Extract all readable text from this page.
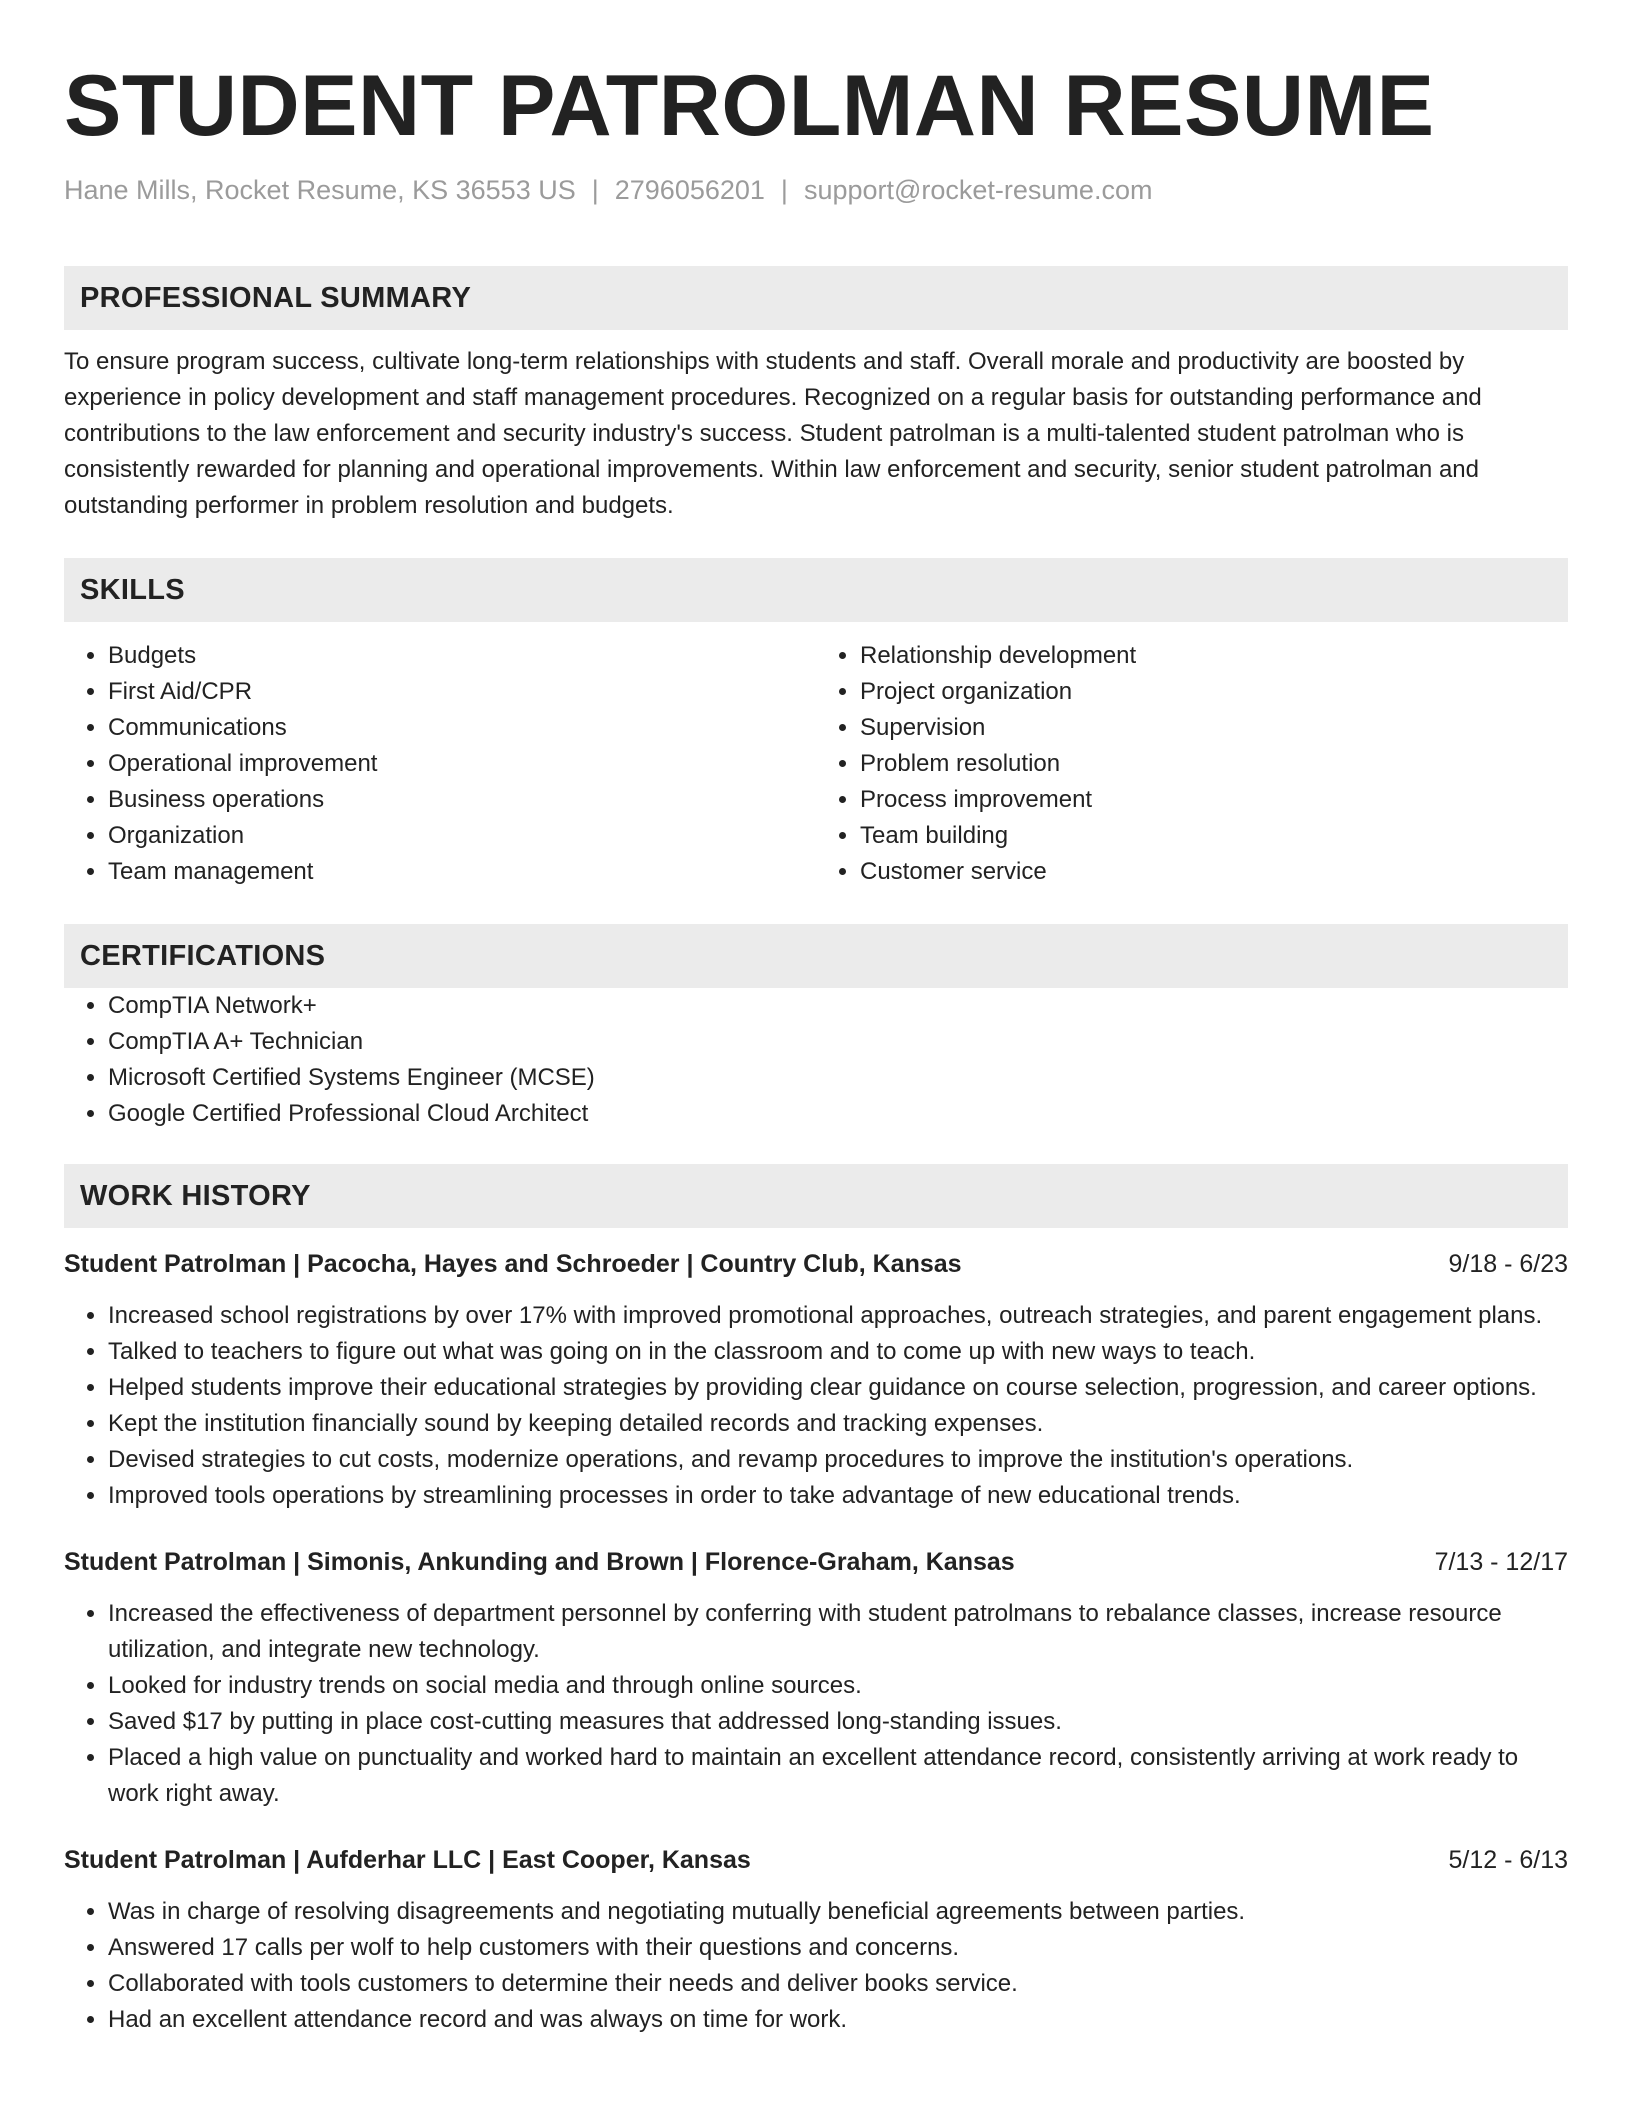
STUDENT PATROLMAN RESUME
Hane Mills, Rocket Resume, KS 36553 US | 2796056201 | support@rocket-resume.com
PROFESSIONAL SUMMARY

To ensure program success, cultivate long-term relationships with students and staff. Overall morale and productivity are boosted by experience in policy development and staff management procedures. Recognized on a regular basis for outstanding performance and contributions to the law enforcement and security industry's success. Student patrolman is a multi-talented student patrolman who is consistently rewarded for planning and operational improvements. Within law enforcement and security, senior student patrolman and outstanding performer in problem resolution and budgets.

SKILLS
• Budgets
• First Aid/CPR
• Communications
• Operational improvement
• Business operations
• Organization
• Team management
• Relationship development
• Project organization
• Supervision
• Problem resolution
• Process improvement
• Team building
• Customer service
CERTIFICATIONS
• CompTIA Network+
• CompTIA A+ Technician
• Microsoft Certified Systems Engineer (MCSE)
• Google Certified Professional Cloud Architect
WORK HISTORY
Student Patrolman | Pacocha, Hayes and Schroeder | Country Club, Kansas	9/18 - 6/23
• Increased school registrations by over 17% with improved promotional approaches, outreach strategies, and parent engagement plans.
• Talked to teachers to figure out what was going on in the classroom and to come up with new ways to teach.
• Helped students improve their educational strategies by providing clear guidance on course selection, progression, and career options.
• Kept the institution financially sound by keeping detailed records and tracking expenses.
• Devised strategies to cut costs, modernize operations, and revamp procedures to improve the institution's operations.
• Improved tools operations by streamlining processes in order to take advantage of new educational trends.
Student Patrolman | Simonis, Ankunding and Brown | Florence-Graham, Kansas	7/13 - 12/17
• Increased the effectiveness of department personnel by conferring with student patrolmans to rebalance classes, increase resource utilization, and integrate new technology.
• Looked for industry trends on social media and through online sources.
• Saved $17 by putting in place cost-cutting measures that addressed long-standing issues.
• Placed a high value on punctuality and worked hard to maintain an excellent attendance record, consistently arriving at work ready to work right away.
Student Patrolman | Aufderhar LLC | East Cooper, Kansas	5/12 - 6/13
• Was in charge of resolving disagreements and negotiating mutually beneficial agreements between parties.
• Answered 17 calls per wolf to help customers with their questions and concerns.
• Collaborated with tools customers to determine their needs and deliver books service.
• Had an excellent attendance record and was always on time for work.
